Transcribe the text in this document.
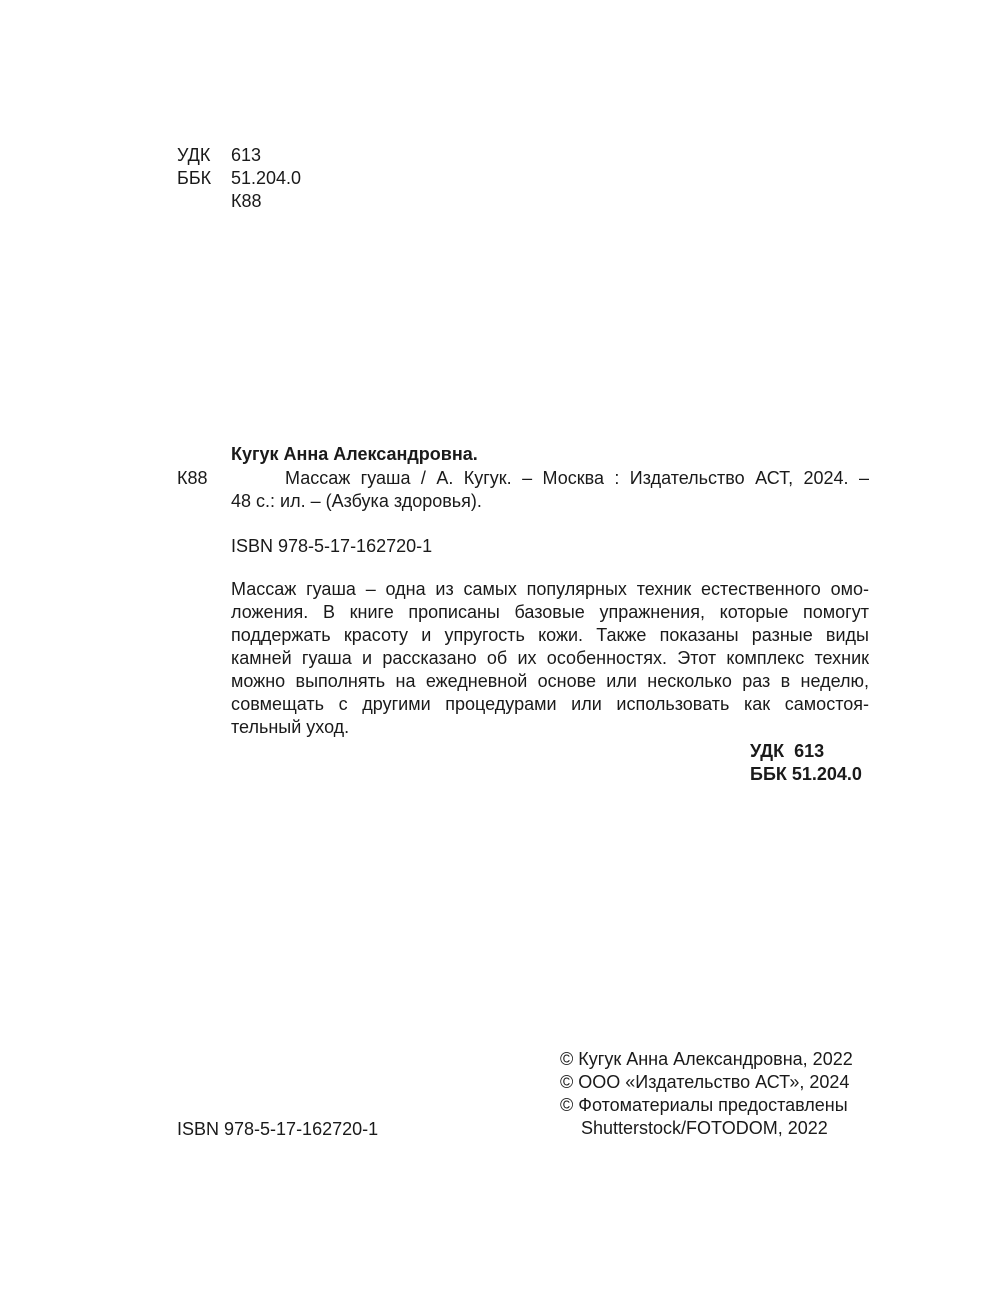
УДК 613
ББК 51.204.0
К88
Кугук Анна Александровна.
К88	Массаж гуаша / А. Кугук. – Москва : Издательство АСТ, 2024. –
48 с.: ил. – (Азбука здоровья).
ISBN 978-5-17-162720-1
Массаж гуаша – одна из самых популярных техник естественного омо-
ложения. В книге прописаны базовые упражнения, которые помогут
поддержать красоту и упругость кожи. Также показаны разные виды
камней гуаша и рассказано об их особенностях. Этот комплекс техник
можно выполнять на ежедневной основе или несколько раз в неделю,
совмещать с другими процедурами или использовать как самостоя-
тельный уход.
УДК  613
ББК 51.204.0
ISBN 978-5-17-162720-1
© Кугук Анна Александровна, 2022
© ООО «Издательство АСТ», 2024
© Фотоматериалы предоставлены
Shutterstock/FOTODOM, 2022
